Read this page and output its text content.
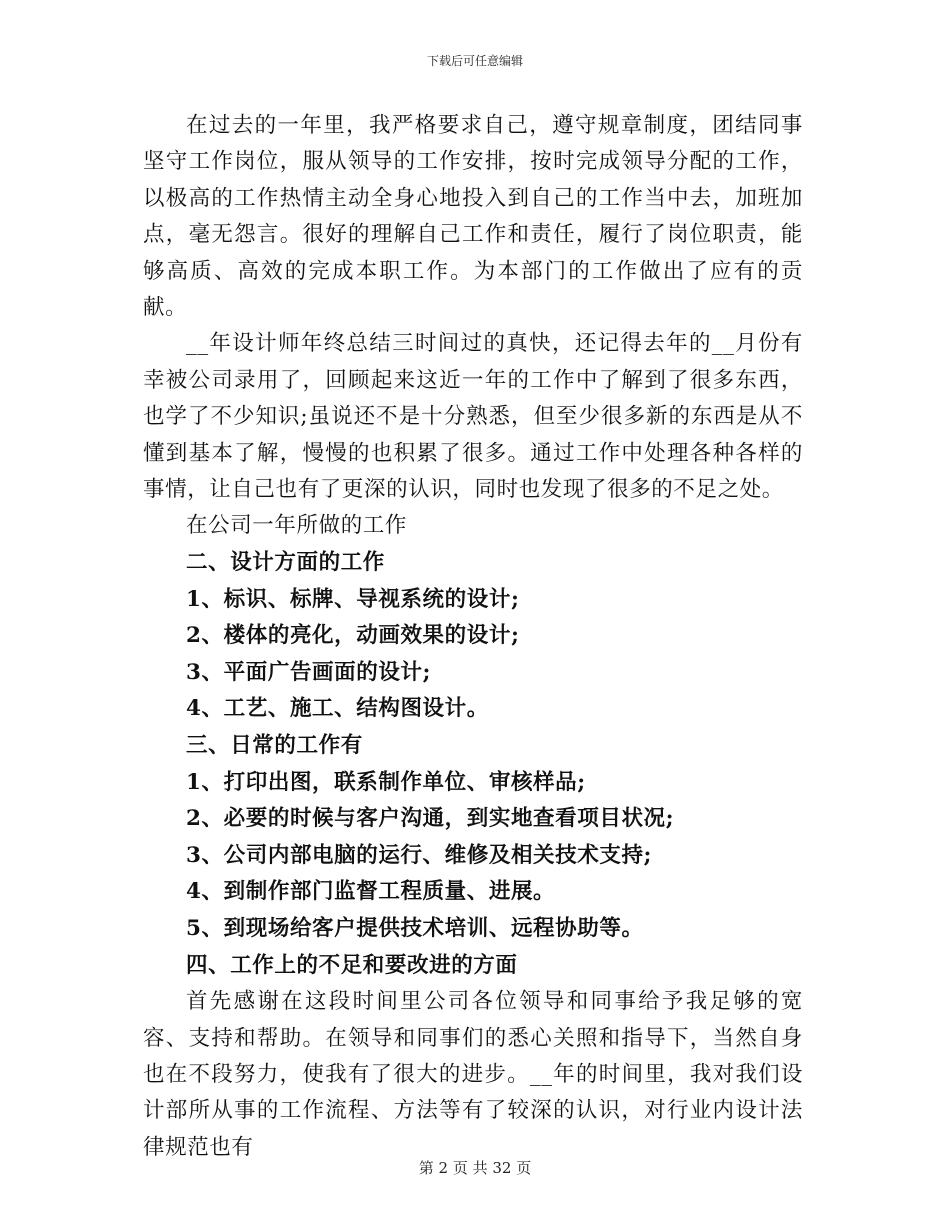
下载后可任意编辑

在过去的一年里，我严格要求自己，遵守规章制度，团结同事坚守工作岗位，服从领导的工作安排，按时完成领导分配的工作，以极高的工作热情主动全身心地投入到自己的工作当中去，加班加点，毫无怨言。很好的理解自己工作和责任，履行了岗位职责，能够高质、高效的完成本职工作。为本部门的工作做出了应有的贡献。

__年设计师年终总结三时间过的真快，还记得去年的__月份有幸被公司录用了，回顾起来这近一年的工作中了解到了很多东西，也学了不少知识;虽说还不是十分熟悉，但至少很多新的东西是从不懂到基本了解，慢慢的也积累了很多。通过工作中处理各种各样的事情，让自己也有了更深的认识，同时也发现了很多的不足之处。

在公司一年所做的工作
二、设计方面的工作
1、标识、标牌、导视系统的设计;
2、楼体的亮化，动画效果的设计;
3、平面广告画面的设计;
4、工艺、施工、结构图设计。
三、日常的工作有
1、打印出图，联系制作单位、审核样品;
2、必要的时候与客户沟通，到实地查看项目状况;
3、公司内部电脑的运行、维修及相关技术支持;
4、到制作部门监督工程质量、进展。
5、到现场给客户提供技术培训、远程协助等。
四、工作上的不足和要改进的方面

首先感谢在这段时间里公司各位领导和同事给予我足够的宽容、支持和帮助。在领导和同事们的悉心关照和指导下，当然自身也在不段努力，使我有了很大的进步。__年的时间里，我对我们设计部所从事的工作流程、方法等有了较深的认识，对行业内设计法律规范也有

第 2 页 共 32 页
